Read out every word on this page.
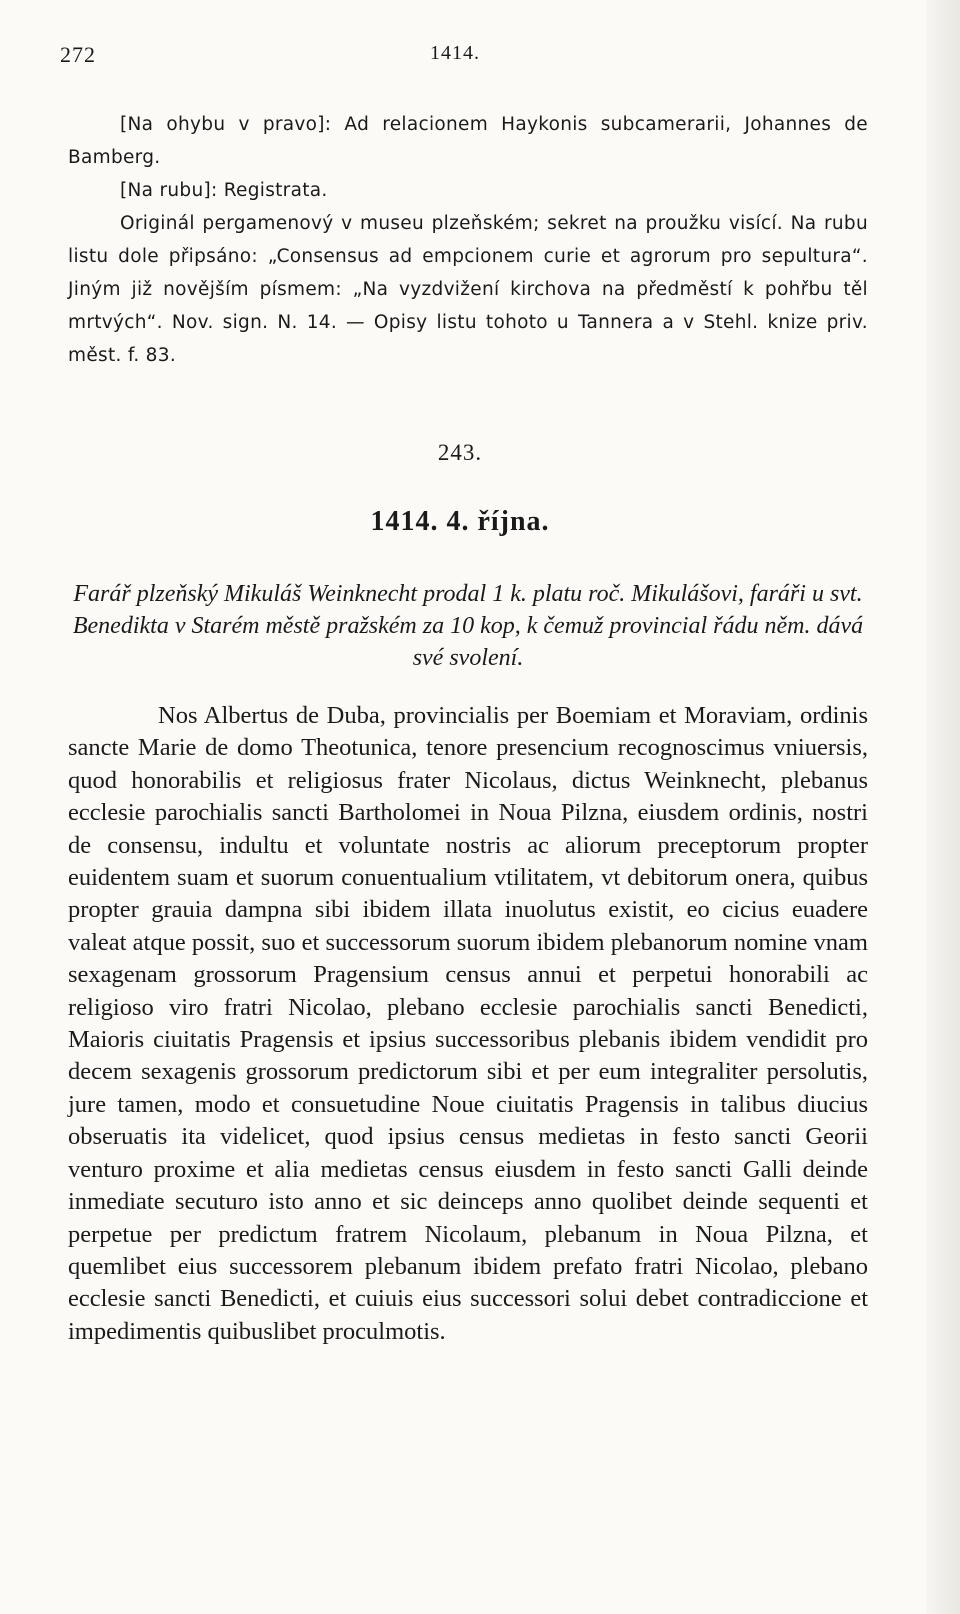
272	1414.

[Na ohybu v pravo]: Ad relacionem Haykonis subcamerarii, Johannes de Bamberg.

[Na rubu]: Registrata.

Originál pergamenový v museu plzeňském; sekret na proužku visící. Na rubu listu dole připsáno: „Consensus ad empcionem curie et agrorum pro sepultura“. Jiným již novějším písmem: „Na vyzdvižení kirchova na předměstí k pohřbu těl mrtvých“. Nov. sign. N. 14. — Opisy listu tohoto u Tannera a v Stehl. knize priv. měst. f. 83.

243.
1414. 4. října.
Farář plzeňský Mikuláš Weinknecht prodal 1 k. platu roč. Mikulášovi, faráři u svt. Benedikta v Starém městě pražském za 10 kop, k čemuž provincial řádu něm. dává své svolení.

Nos Albertus de Duba, provincialis per Boemiam et Moraviam, ordinis sancte Marie de domo Theotunica, tenore presencium recognoscimus vniuersis, quod honorabilis et religiosus frater Nicolaus, dictus Weinknecht, plebanus ecclesie parochialis sancti Bartholomei in Noua Pilzna, eiusdem ordinis, nostri de consensu, indultu et voluntate nostris ac aliorum preceptorum propter euidentem suam et suorum conuentualium vtilitatem, vt debitorum onera, quibus propter grauia dampna sibi ibidem illata inuolutus existit, eo cicius euadere valeat atque possit, suo et successorum suorum ibidem plebanorum nomine vnam sexagenam grossorum Pragensium census annui et perpetui honorabili ac religioso viro fratri Nicolao, plebano ecclesie parochialis sancti Benedicti, Maioris ciuitatis Pragensis et ipsius successoribus plebanis ibidem vendidit pro decem sexagenis grossorum predictorum sibi et per eum integraliter persolutis, jure tamen, modo et consuetudine Noue ciuitatis Pragensis in talibus diucius obseruatis ita videlicet, quod ipsius census medietas in festo sancti Georii venturo proxime et alia medietas census eiusdem in festo sancti Galli deinde inmediate secuturo isto anno et sic deinceps anno quolibet deinde sequenti et perpetue per predictum fratrem Nicolaum, plebanum in Noua Pilzna, et quemlibet eius successorem plebanum ibidem prefato fratri Nicolao, plebano ecclesie sancti Benedicti, et cuiuis eius successori solui debet contradiccione et impedimentis quibuslibet proculmotis.
